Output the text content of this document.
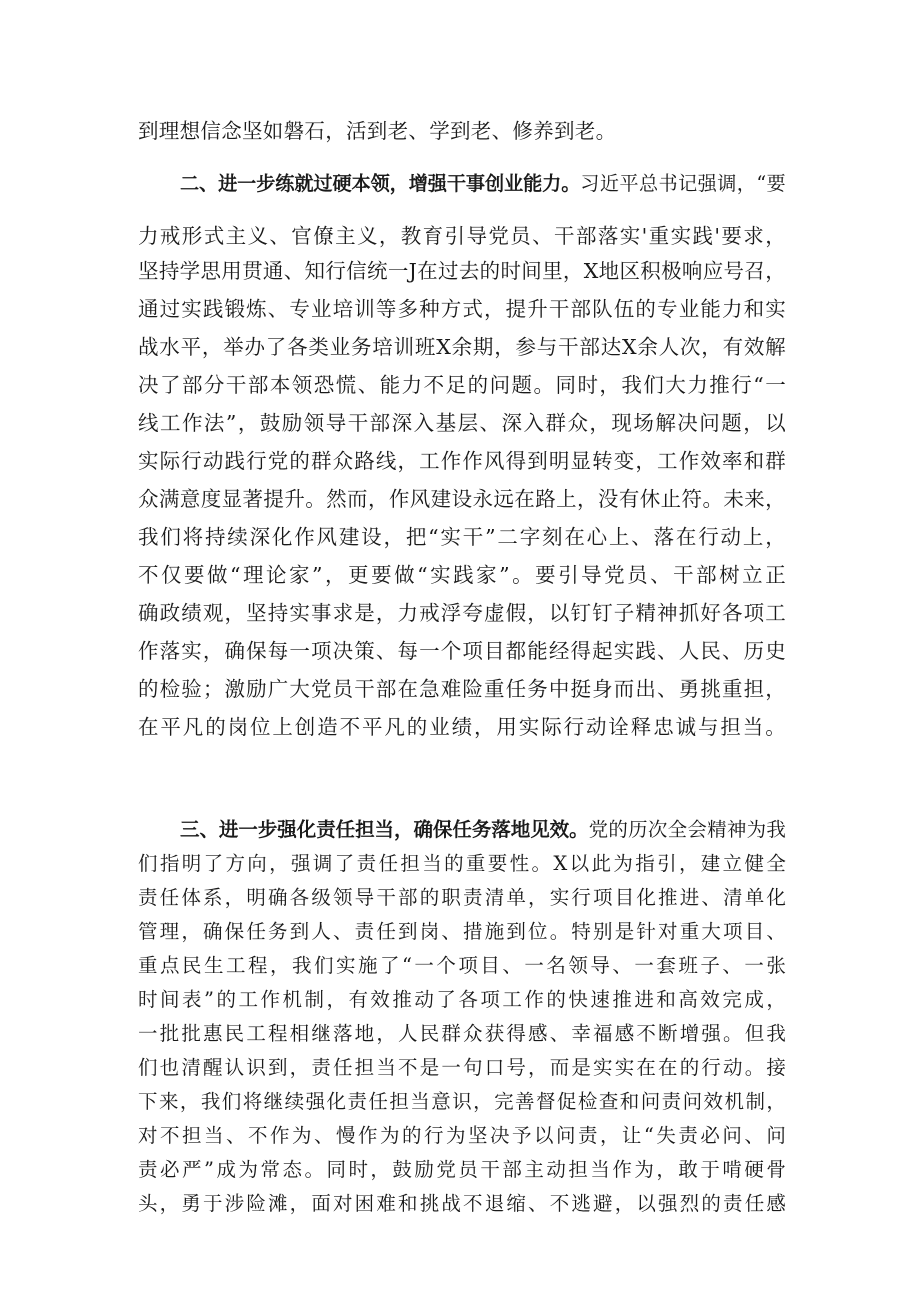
到理想信念坚如磐石，活到老、学到老、修养到老。
二、进一步练就过硬本领，增强干事创业能力。习近平总书记强调，“要
力戒形式主义、官僚主义，教育引导党员、干部落实'重实践'要求，
坚持学思用贯通、知行信统一J在过去的时间里，X地区积极响应号召，
通过实践锻炼、专业培训等多种方式，提升干部队伍的专业能力和实
战水平，举办了各类业务培训班X余期，参与干部达X余人次，有效解
决了部分干部本领恐慌、能力不足的问题。同时，我们大力推行“一
线工作法”，鼓励领导干部深入基层、深入群众，现场解决问题，以
实际行动践行党的群众路线，工作作风得到明显转变，工作效率和群
众满意度显著提升。然而，作风建设永远在路上，没有休止符。未来，
我们将持续深化作风建设，把“实干”二字刻在心上、落在行动上，
不仅要做“理论家”，更要做“实践家”。要引导党员、干部树立正
确政绩观，坚持实事求是，力戒浮夸虚假，以钉钉子精神抓好各项工
作落实，确保每一项决策、每一个项目都能经得起实践、人民、历史
的检验；激励广大党员干部在急难险重任务中挺身而出、勇挑重担，
在平凡的岗位上创造不平凡的业绩，用实际行动诠释忠诚与担当。
三、进一步强化责任担当，确保任务落地见效。党的历次全会精神为我
们指明了方向，强调了责任担当的重要性。X以此为指引，建立健全
责任体系，明确各级领导干部的职责清单，实行项目化推进、清单化
管理，确保任务到人、责任到岗、措施到位。特别是针对重大项目、
重点民生工程，我们实施了“一个项目、一名领导、一套班子、一张
时间表”的工作机制，有效推动了各项工作的快速推进和高效完成，
一批批惠民工程相继落地，人民群众获得感、幸福感不断增强。但我
们也清醒认识到，责任担当不是一句口号，而是实实在在的行动。接
下来，我们将继续强化责任担当意识，完善督促检查和问责问效机制，
对不担当、不作为、慢作为的行为坚决予以问责，让“失责必问、问
责必严”成为常态。同时，鼓励党员干部主动担当作为，敢于啃硬骨
头，勇于涉险滩，面对困难和挑战不退缩、不逃避，以强烈的责任感
